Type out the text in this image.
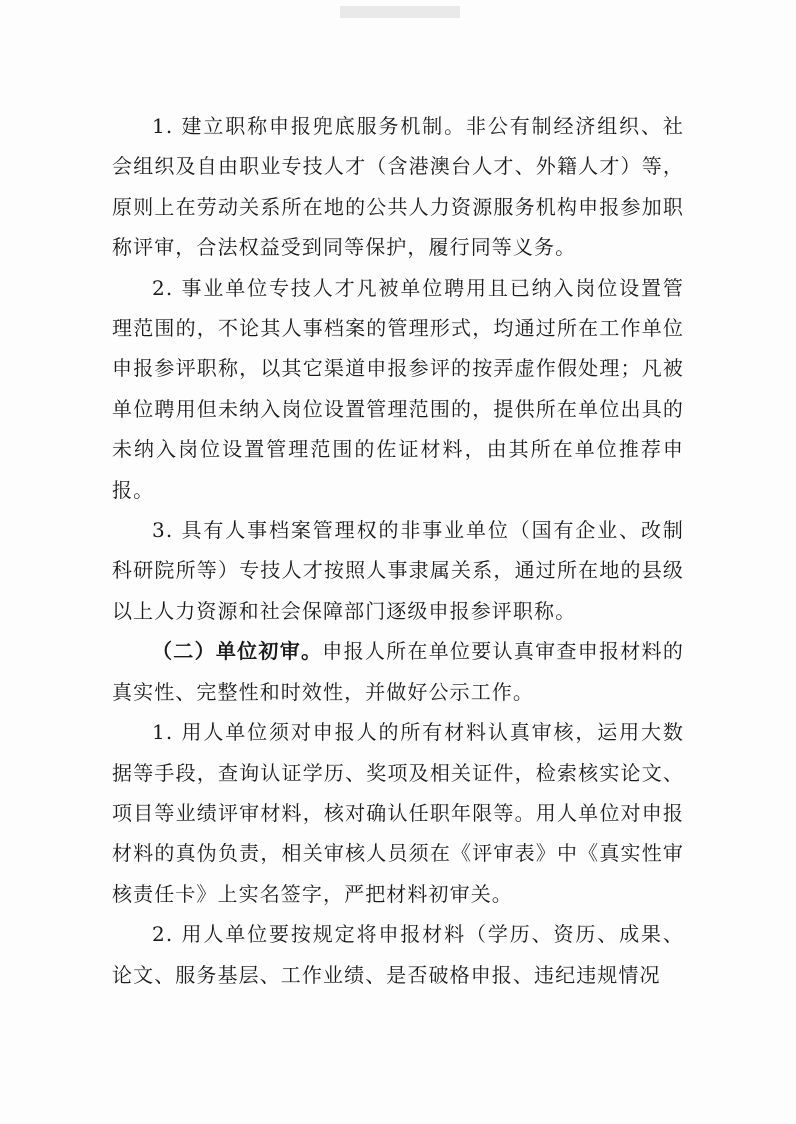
1. 建立职称申报兜底服务机制。非公有制经济组织、社会组织及自由职业专技人才（含港澳台人才、外籍人才）等，原则上在劳动关系所在地的公共人力资源服务机构申报参加职称评审，合法权益受到同等保护，履行同等义务。

2. 事业单位专技人才凡被单位聘用且已纳入岗位设置管理范围的，不论其人事档案的管理形式，均通过所在工作单位申报参评职称，以其它渠道申报参评的按弄虚作假处理；凡被单位聘用但未纳入岗位设置管理范围的，提供所在单位出具的未纳入岗位设置管理范围的佐证材料，由其所在单位推荐申报。

3. 具有人事档案管理权的非事业单位（国有企业、改制科研院所等）专技人才按照人事隶属关系，通过所在地的县级以上人力资源和社会保障部门逐级申报参评职称。

（二）单位初审。申报人所在单位要认真审查申报材料的真实性、完整性和时效性，并做好公示工作。

1. 用人单位须对申报人的所有材料认真审核，运用大数据等手段，查询认证学历、奖项及相关证件，检索核实论文、项目等业绩评审材料，核对确认任职年限等。用人单位对申报材料的真伪负责，相关审核人员须在《评审表》中《真实性审核责任卡》上实名签字，严把材料初审关。

2. 用人单位要按规定将申报材料（学历、资历、成果、论文、服务基层、工作业绩、是否破格申报、违纪违规情况
